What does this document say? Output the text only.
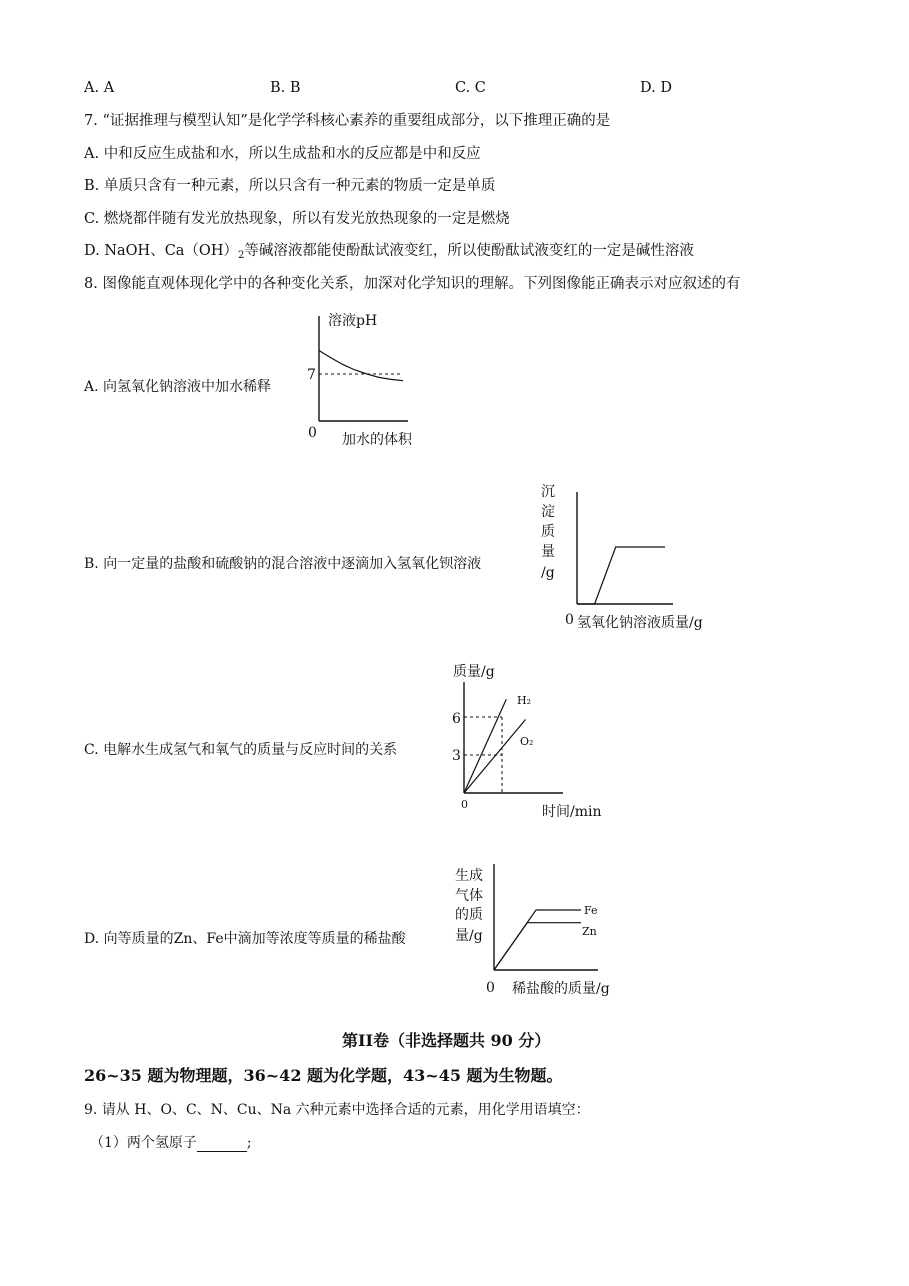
A. A	B. B	C. C	D. D
7. “证据推理与模型认知”是化学学科核心素养的重要组成部分，以下推理正确的是
A. 中和反应生成盐和水，所以生成盐和水的反应都是中和反应
B. 单质只含有一种元素，所以只含有一种元素的物质一定是单质
C. 燃烧都伴随有发光放热现象，所以有发光放热现象的一定是燃烧
D. NaOH、$Ca(OH)_2$等碱溶液都能使酚酞试液变红，所以使酚酞试液变红的一定是碱性溶液
8. 图像能直观体现化学中的各种变化关系，加深对化学知识的理解。下列图像能正确表示对应叙述的有
A. 向氢氧化钠溶液中加水稀释
溶液pH
7
0 加水的体积
B. 向一定量的盐酸和硫酸钠的混合溶液中逐滴加入氢氧化钡溶液
沉
淀
质
量
/g
0 氢氧化钠溶液质量/g
C. 电解水生成氢气和氧气的质量与反应时间的关系
质量/g
6
3
0	时间/min
H₂
O₂
D. 向等质量的Zn、Fe中滴加等浓度等质量的稀盐酸
生成
气体
的质
量/g
0 稀盐酸的质量/g
Fe
Zn
第II卷（非选择题共 90 分）
26~35 题为物理题，36~42 题为化学题，43~45 题为生物题。
9. 请从 H、O、C、N、Cu、Na 六种元素中选择合适的元素，用化学用语填空：
（1）两个氢原子	;
